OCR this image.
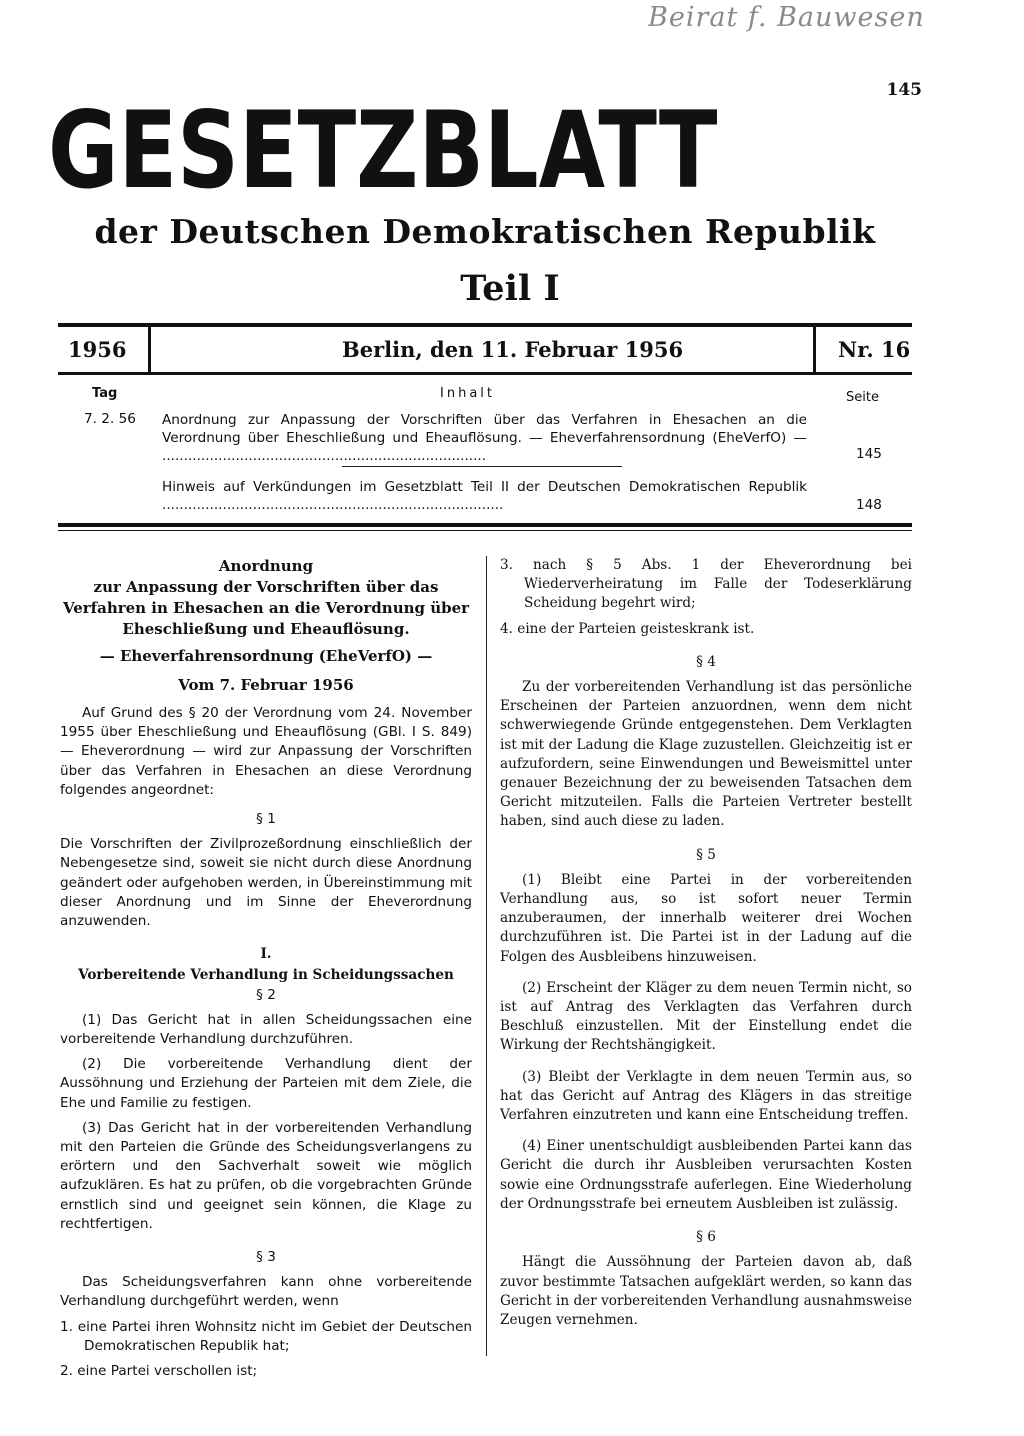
Beirat f. Bauwesen
145
GESETZBLATT
der Deutschen Demokratischen Republik
Teil I
1956	Berlin, den 11. Februar 1956	Nr. 16
Tag	Inhalt	Seite
7. 2. 56 Anordnung zur Anpassung der Vorschriften über das Verfahren in Ehesachen an die Verordnung über Eheschließung und Eheauflösung. — Eheverfahrensordnung (EheVerfO) — ...........................................................................	145
Hinweis auf Verkündungen im Gesetzblatt Teil II der Deutschen Demokratischen Republik ...............................................................................	148

Anordnung

zur Anpassung der Vorschriften über das Verfahren in Ehesachen an die Verordnung über Eheschließung und Eheauflösung.

— Eheverfahrensordnung (EheVerfO) —

Vom 7. Februar 1956

Auf Grund des § 20 der Verordnung vom 24. November 1955 über Eheschließung und Eheauflösung (GBl. I S. 849) — Eheverordnung — wird zur Anpassung der Vorschriften über das Verfahren in Ehesachen an diese Verordnung folgendes angeordnet:

§ 1

Die Vorschriften der Zivilprozeßordnung einschließlich der Nebengesetze sind, soweit sie nicht durch diese Anordnung geändert oder aufgehoben werden, in Übereinstimmung mit dieser Anordnung und im Sinne der Eheverordnung anzuwenden.

I.

Vorbereitende Verhandlung in Scheidungssachen

§ 2

(1) Das Gericht hat in allen Scheidungssachen eine vorbereitende Verhandlung durchzuführen.

(2) Die vorbereitende Verhandlung dient der Aussöhnung und Erziehung der Parteien mit dem Ziele, die Ehe und Familie zu festigen.

(3) Das Gericht hat in der vorbereitenden Verhandlung mit den Parteien die Gründe des Scheidungsverlangens zu erörtern und den Sachverhalt soweit wie möglich aufzuklären. Es hat zu prüfen, ob die vorgebrachten Gründe ernstlich sind und geeignet sein können, die Klage zu rechtfertigen.

§ 3

Das Scheidungsverfahren kann ohne vorbereitende Verhandlung durchgeführt werden, wenn

1. eine Partei ihren Wohnsitz nicht im Gebiet der Deutschen Demokratischen Republik hat;

2. eine Partei verschollen ist;

3. nach § 5 Abs. 1 der Eheverordnung bei Wiederverheiratung im Falle der Todeserklärung Scheidung begehrt wird;

4. eine der Parteien geisteskrank ist.

§ 4

Zu der vorbereitenden Verhandlung ist das persönliche Erscheinen der Parteien anzuordnen, wenn dem nicht schwerwiegende Gründe entgegenstehen. Dem Verklagten ist mit der Ladung die Klage zuzustellen. Gleichzeitig ist er aufzufordern, seine Einwendungen und Beweismittel unter genauer Bezeichnung der zu beweisenden Tatsachen dem Gericht mitzuteilen. Falls die Parteien Vertreter bestellt haben, sind auch diese zu laden.

§ 5

(1) Bleibt eine Partei in der vorbereitenden Verhandlung aus, so ist sofort neuer Termin anzuberaumen, der innerhalb weiterer drei Wochen durchzuführen ist. Die Partei ist in der Ladung auf die Folgen des Ausbleibens hinzuweisen.

(2) Erscheint der Kläger zu dem neuen Termin nicht, so ist auf Antrag des Verklagten das Verfahren durch Beschluß einzustellen. Mit der Einstellung endet die Wirkung der Rechtshängigkeit.

(3) Bleibt der Verklagte in dem neuen Termin aus, so hat das Gericht auf Antrag des Klägers in das streitige Verfahren einzutreten und kann eine Entscheidung treffen.

(4) Einer unentschuldigt ausbleibenden Partei kann das Gericht die durch ihr Ausbleiben verursachten Kosten sowie eine Ordnungsstrafe auferlegen. Eine Wiederholung der Ordnungsstrafe bei erneutem Ausbleiben ist zulässig.

§ 6

Hängt die Aussöhnung der Parteien davon ab, daß zuvor bestimmte Tatsachen aufgeklärt werden, so kann das Gericht in der vorbereitenden Verhandlung ausnahmsweise Zeugen vernehmen.
